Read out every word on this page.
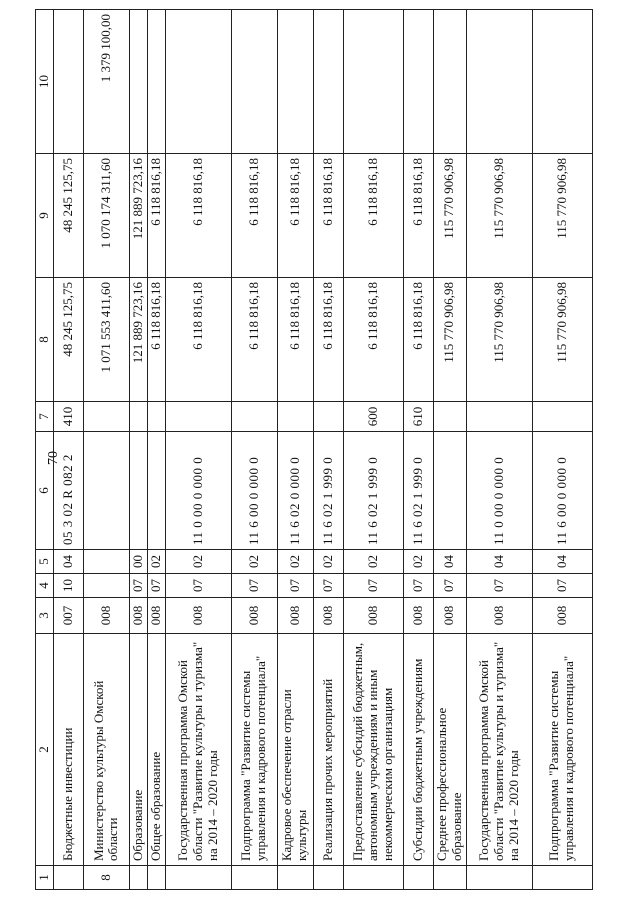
70
1	2	3	4	5	6	7	8	9	10
	Бюджетные инвестиции	007	10	04	05 3 02 R 082 2	410	48 245 125,75	48 245 125,75	
8	Министерство культуры Омской области	008					1 071 553 411,60	1 070 174 311,60	1 379 100,00
	Образование	008	07	00			121 889 723,16	121 889 723,16	
	Общее образование	008	07	02			6 118 816,18	6 118 816,18	
	Государственная программа Омской области "Развитие культуры и туризма" на 2014 – 2020 годы	008	07	02	11 0 00 0 000 0		6 118 816,18	6 118 816,18	
	Подпрограмма "Развитие системы управления и кадрового потенциала"	008	07	02	11 6 00 0 000 0		6 118 816,18	6 118 816,18	
	Кадровое обеспечение отрасли культуры	008	07	02	11 6 02 0 000 0		6 118 816,18	6 118 816,18	
	Реализация прочих мероприятий	008	07	02	11 6 02 1 999 0		6 118 816,18	6 118 816,18	
	Предоставление субсидий бюджетным, автономным учреждениям и иным некоммерческим организациям	008	07	02	11 6 02 1 999 0	600	6 118 816,18	6 118 816,18	
	Субсидии бюджетным учреждениям	008	07	02	11 6 02 1 999 0	610	6 118 816,18	6 118 816,18	
	Среднее профессиональное образование	008	07	04			115 770 906,98	115 770 906,98	
	Государственная программа Омской области "Развитие культуры и туризма" на 2014 – 2020 годы	008	07	04	11 0 00 0 000 0		115 770 906,98	115 770 906,98	
	Подпрограмма "Развитие системы управления и кадрового потенциала"	008	07	04	11 6 00 0 000 0		115 770 906,98	115 770 906,98	
